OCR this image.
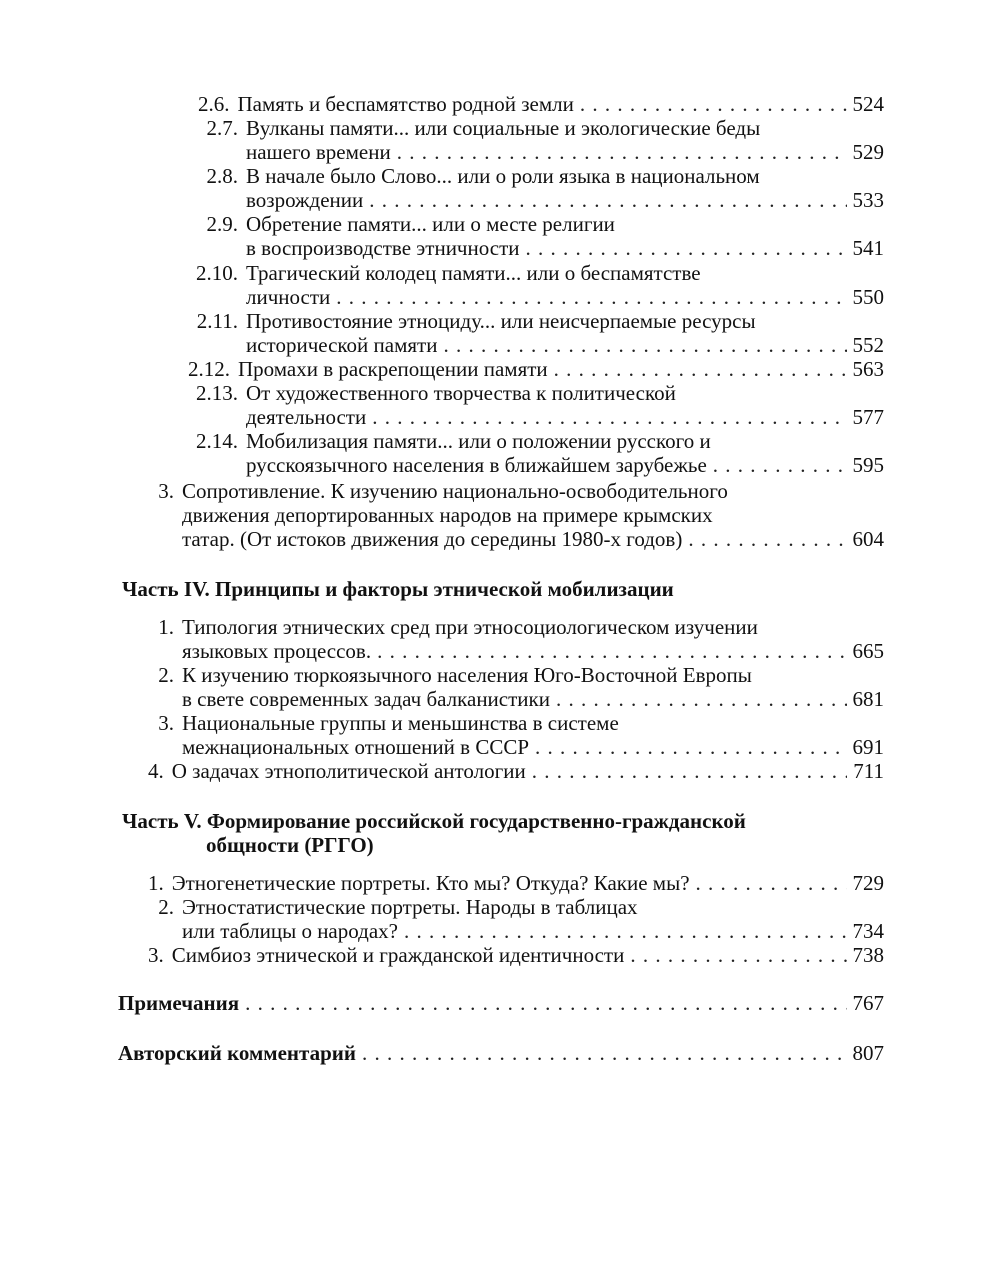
2.6. Память и беспамятство родной земли . . .	524
2.7. Вулканы памяти... или социальные и экологические беды
нашего времени . . .	529
2.8. В начале было Слово... или о роли языка в национальном
возрождении . . .	533
2.9. Обретение памяти... или о месте религии
в воспроизводстве этничности . . .	541
2.10. Трагический колодец памяти... или о беспамятстве
личности . . .	550
2.11. Противостояние этноциду... или неисчерпаемые ресурсы
исторической памяти . . .	552
2.12. Промахи в раскрепощении памяти . . .	563
2.13. От художественного творчества к политической
деятельности . . .	577
2.14. Мобилизация памяти... или о положении русского и
русскоязычного населения в ближайшем зарубежье . . .	595
3. Сопротивление. К изучению национально-освободительного
движения депортированных народов на примере крымских
татар. (От истоков движения до середины 1980-х годов) . . .	604
Часть IV. Принципы и факторы этнической мобилизации
1. Типология этнических сред при этносоциологическом изучении
языковых процессов. . . .	665
2. К изучению тюркоязычного населения Юго-Восточной Европы
в свете современных задач балканистики . . .	681
3. Национальные группы и меньшинства в системе
межнациональных отношений в СССР . . .	691
4. О задачах этнополитической антологии . . .	711
Часть V. Формирование российской государственно-гражданской
общности (РГГО)
1. Этногенетические портреты. Кто мы? Откуда? Какие мы? . . .	729
2. Этностатистические портреты. Народы в таблицах
или таблицы о народах? . . .	734
3. Симбиоз этнической и гражданской идентичности . . .	738
Примечания . . .	767
Авторский комментарий . . .	807
